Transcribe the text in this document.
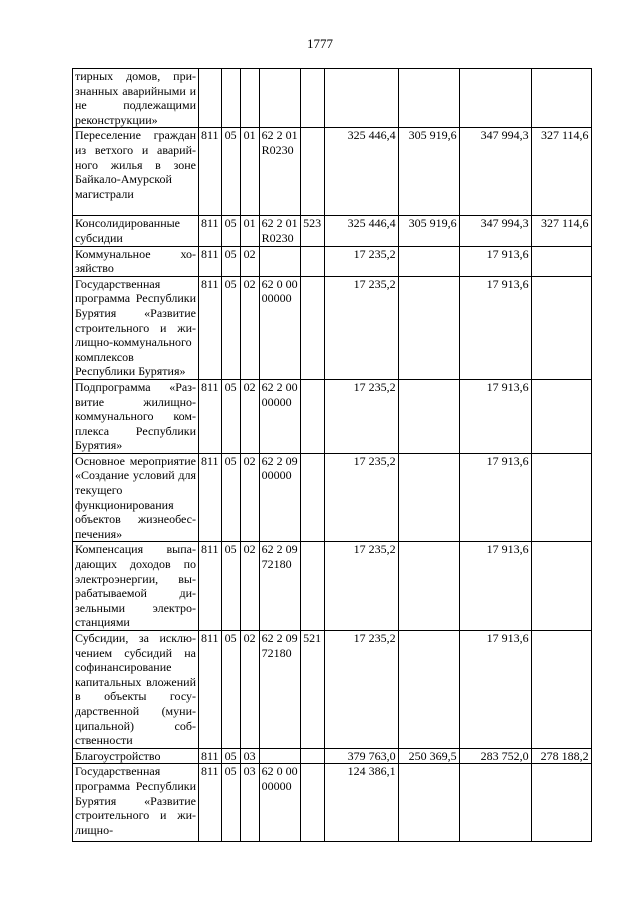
1777
тирных домов, признанных аварийными и не подлежащими реконструкции»									
Переселение граждан из ветхого и аварийного жилья в зоне Байкало-Амурской магистрали	811	05	01	62 2 01 R0230		325 446,4	305 919,6	347 994,3	327 114,6
Консолидированные субсидии	811	05	01	62 2 01 R0230	523	325 446,4	305 919,6	347 994,3	327 114,6
Коммунальное хозяйство	811	05	02			17 235,2		17 913,6	
Государственная программа Республики Бурятия «Развитие строительного и жилищно-коммунального комплексов Республики Бурятия»	811	05	02	62 0 00 00000		17 235,2		17 913,6	
Подпрограмма «Развитие жилищно-коммунального комплекса Республики Бурятия»	811	05	02	62 2 00 00000		17 235,2		17 913,6	
Основное мероприятие «Создание условий для текущего функционирования объектов жизнеобеспечения»	811	05	02	62 2 09 00000		17 235,2		17 913,6	
Компенсация выпадающих доходов по электроэнергии, вырабатываемой дизельными электростанциями	811	05	02	62 2 09 72180		17 235,2		17 913,6	
Субсидии, за исключением субсидий на софинансирование капитальных вложений в объекты государственной (муниципальной) собственности	811	05	02	62 2 09 72180	521	17 235,2		17 913,6	
Благоустройство	811	05	03			379 763,0	250 369,5	283 752,0	278 188,2
Государственная программа Республики Бурятия «Развитие строительного и жилищно-	811	05	03	62 0 00 00000		124 386,1			
